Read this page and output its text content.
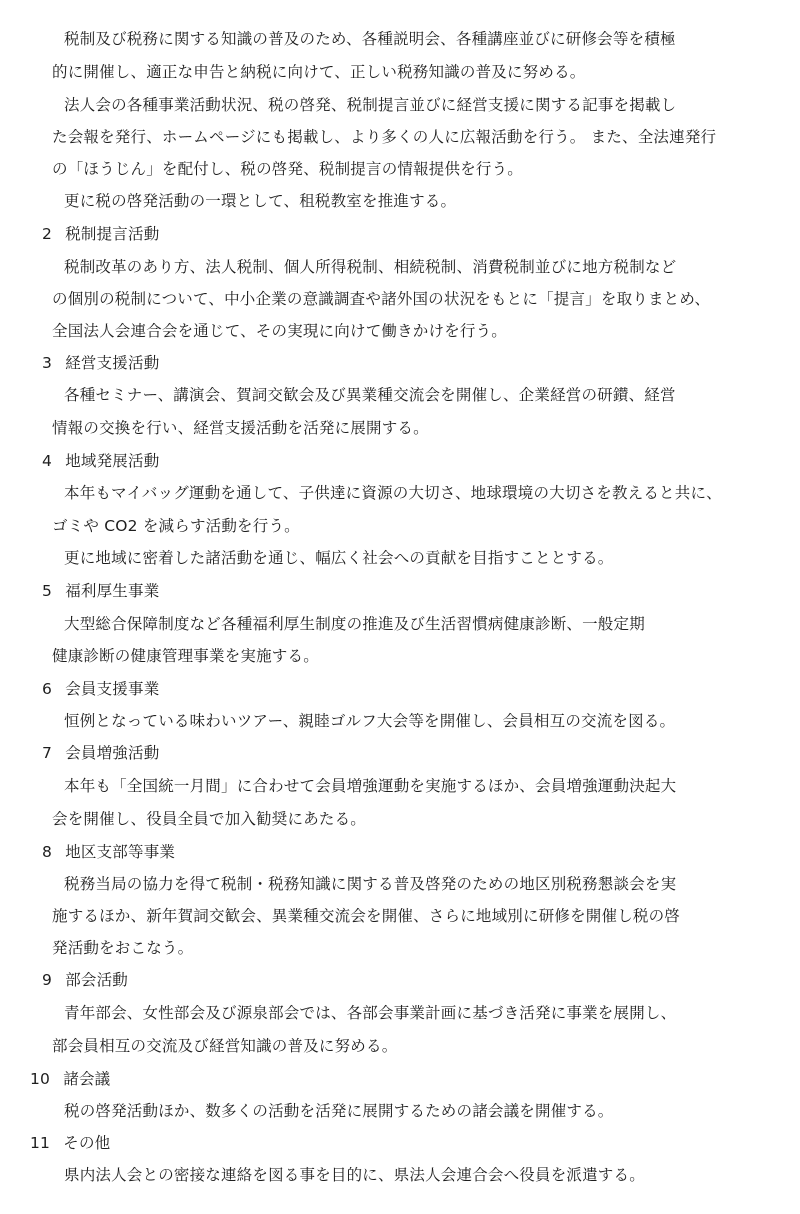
税制及び税務に関する知識の普及のため、各種説明会、各種講座並びに研修会等を積極
的に開催し、適正な申告と納税に向けて、正しい税務知識の普及に努める。
法人会の各種事業活動状況、税の啓発、税制提言並びに経営支援に関する記事を掲載し
た会報を発行、ホームページにも掲載し、より多くの人に広報活動を行う。 また、全法連発行
の「ほうじん」を配付し、税の啓発、税制提言の情報提供を行う。
更に税の啓発活動の一環として、租税教室を推進する。
2 税制提言活動
税制改革のあり方、法人税制、個人所得税制、相続税制、消費税制並びに地方税制など
の個別の税制について、中小企業の意識調査や諸外国の状況をもとに「提言」を取りまとめ、
全国法人会連合会を通じて、その実現に向けて働きかけを行う。
3 経営支援活動
各種セミナー、講演会、賀詞交歓会及び異業種交流会を開催し、企業経営の研鑚、経営
情報の交換を行い、経営支援活動を活発に展開する。
4 地域発展活動
本年もマイバッグ運動を通して、子供達に資源の大切さ、地球環境の大切さを教えると共に、
ゴミや CO2 を減らす活動を行う。
更に地域に密着した諸活動を通じ、幅広く社会への貢献を目指すこととする。
5 福利厚生事業
大型総合保障制度など各種福利厚生制度の推進及び生活習慣病健康診断、一般定期
健康診断の健康管理事業を実施する。
6 会員支援事業
恒例となっている味わいツアー、親睦ゴルフ大会等を開催し、会員相互の交流を図る。
7 会員増強活動
本年も「全国統一月間」に合わせて会員増強運動を実施するほか、会員増強運動決起大
会を開催し、役員全員で加入勧奨にあたる。
8 地区支部等事業
税務当局の協力を得て税制・税務知識に関する普及啓発のための地区別税務懇談会を実
施するほか、新年賀詞交歓会、異業種交流会を開催、さらに地域別に研修を開催し税の啓
発活動をおこなう。
9 部会活動
青年部会、女性部会及び源泉部会では、各部会事業計画に基づき活発に事業を展開し、
部会員相互の交流及び経営知識の普及に努める。
10 諸会議
税の啓発活動ほか、数多くの活動を活発に展開するための諸会議を開催する。
11 その他
県内法人会との密接な連絡を図る事を目的に、県法人会連合会へ役員を派遣する。
